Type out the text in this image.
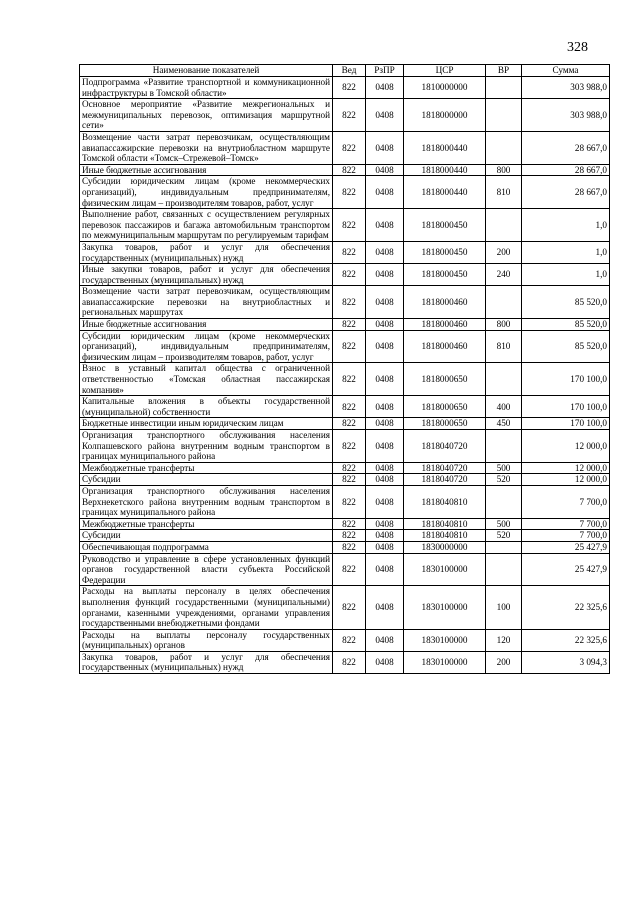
328
Наименование показателей	Вед	РзПР	ЦСР	ВР	Сумма
Подпрограмма «Развитие транспортной и коммуникационной инфраструктуры в Томской области»	822	0408	1810000000		303 988,0
Основное мероприятие «Развитие межрегиональных и межмуниципальных перевозок, оптимизация маршрутной сети»	822	0408	1818000000		303 988,0
Возмещение части затрат перевозчикам, осуществляющим авиапассажирские перевозки на внутриобластном маршруте Томской области «Томск–Стрежевой–Томск»	822	0408	1818000440		28 667,0
Иные бюджетные ассигнования	822	0408	1818000440	800	28 667,0
Субсидии юридическим лицам (кроме некоммерческих организаций), индивидуальным предпринимателям, физическим лицам – производителям товаров, работ, услуг	822	0408	1818000440	810	28 667,0
Выполнение работ, связанных с осуществлением регулярных перевозок пассажиров и багажа автомобильным транспортом по межмуниципальным маршрутам по регулируемым тарифам	822	0408	1818000450		1,0
Закупка товаров, работ и услуг для обеспечения государственных (муниципальных) нужд	822	0408	1818000450	200	1,0
Иные закупки товаров, работ и услуг для обеспечения государственных (муниципальных) нужд	822	0408	1818000450	240	1,0
Возмещение части затрат перевозчикам, осуществляющим авиапассажирские перевозки на внутриобластных и региональных маршрутах	822	0408	1818000460		85 520,0
Иные бюджетные ассигнования	822	0408	1818000460	800	85 520,0
Субсидии юридическим лицам (кроме некоммерческих организаций), индивидуальным предпринимателям, физическим лицам – производителям товаров, работ, услуг	822	0408	1818000460	810	85 520,0
Взнос в уставный капитал общества с ограниченной ответственностью «Томская областная пассажирская компания»	822	0408	1818000650		170 100,0
Капитальные вложения в объекты государственной (муниципальной) собственности	822	0408	1818000650	400	170 100,0
Бюджетные инвестиции иным юридическим лицам	822	0408	1818000650	450	170 100,0
Организация транспортного обслуживания населения Колпашевского района внутренним водным транспортом в границах муниципального района	822	0408	1818040720		12 000,0
Межбюджетные трансферты	822	0408	1818040720	500	12 000,0
Субсидии	822	0408	1818040720	520	12 000,0
Организация транспортного обслуживания населения Верхнекетского района внутренним водным транспортом в границах муниципального района	822	0408	1818040810		7 700,0
Межбюджетные трансферты	822	0408	1818040810	500	7 700,0
Субсидии	822	0408	1818040810	520	7 700,0
Обеспечивающая подпрограмма	822	0408	1830000000		25 427,9
Руководство и управление в сфере установленных функций органов государственной власти субъекта Российской Федерации	822	0408	1830100000		25 427,9
Расходы на выплаты персоналу в целях обеспечения выполнения функций государственными (муниципальными) органами, казенными учреждениями, органами управления государственными внебюджетными фондами	822	0408	1830100000	100	22 325,6
Расходы на выплаты персоналу государственных (муниципальных) органов	822	0408	1830100000	120	22 325,6
Закупка товаров, работ и услуг для обеспечения государственных (муниципальных) нужд	822	0408	1830100000	200	3 094,3
